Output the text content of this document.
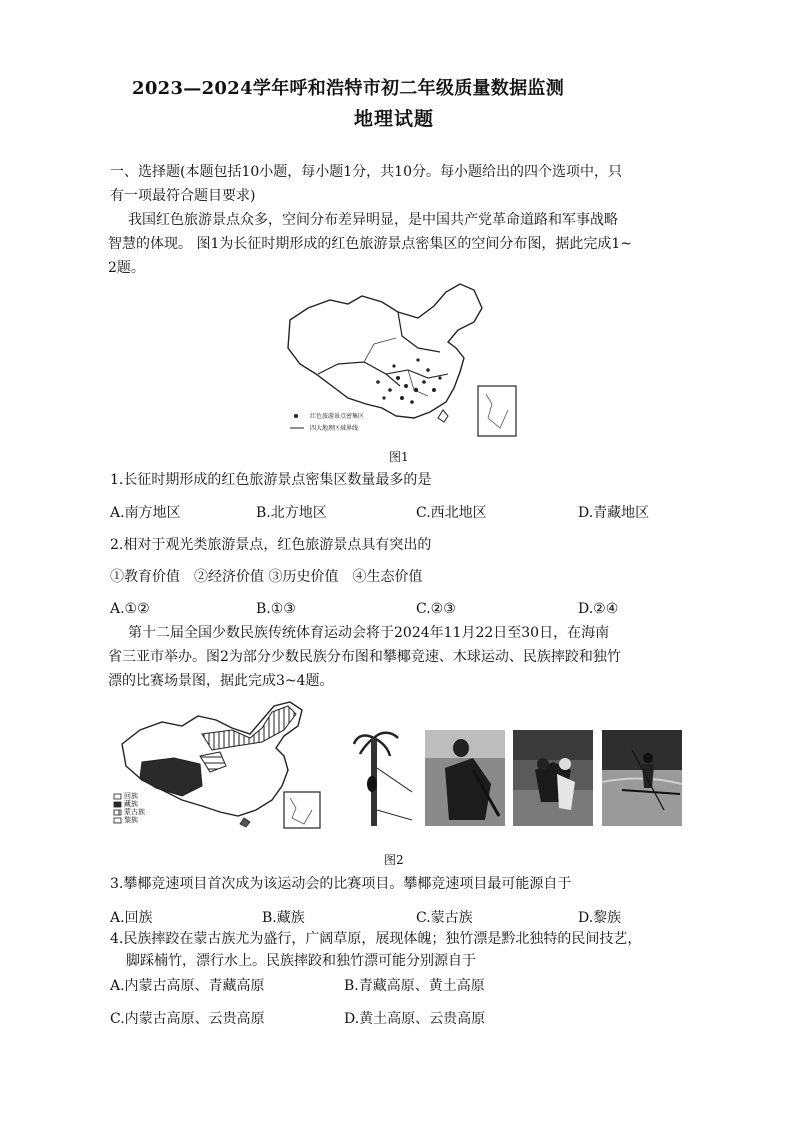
2023—2024学年呼和浩特市初二年级质量数据监测
地理试题
一、选择题(本题包括10小题，每小题1分，共10分。每小题给出的四个选项中，只
有一项最符合题目要求)
我国红色旅游景点众多，空间分布差异明显，是中国共产党革命道路和军事战略
智慧的体现。 图1为长征时期形成的红色旅游景点密集区的空间分布图，据此完成1~
2题。
红色旅游景点密集区
四大地理区域界线
图1
1.长征时期形成的红色旅游景点密集区数量最多的是
A.南方地区	B.北方地区	C.西北地区	D.青藏地区
2.相对于观光类旅游景点，红色旅游景点具有突出的
①教育价值　②经济价值 ③历史价值　④生态价值
A.①②	B.①③	C.②③	D.②④
第十二届全国少数民族传统体育运动会将于2024年11月22日至30日，在海南
省三亚市举办。图2为部分少数民族分布图和攀椰竞速、木球运动、民族摔跤和独竹
漂的比赛场景图，据此完成3~4题。
回族
藏族
蒙古族
黎族
图2
3.攀椰竞速项目首次成为该运动会的比赛项目。攀椰竞速项目最可能源自于
A.回族	B.藏族	C.蒙古族	D.黎族
4.民族摔跤在蒙古族尤为盛行，广阔草原，展现体魄；独竹漂是黔北独特的民间技艺，
脚踩楠竹，漂行水上。民族摔跤和独竹漂可能分别源自于
A.内蒙古高原、青藏高原	B.青藏高原、黄土高原
C.内蒙古高原、云贵高原	D.黄土高原、云贵高原
